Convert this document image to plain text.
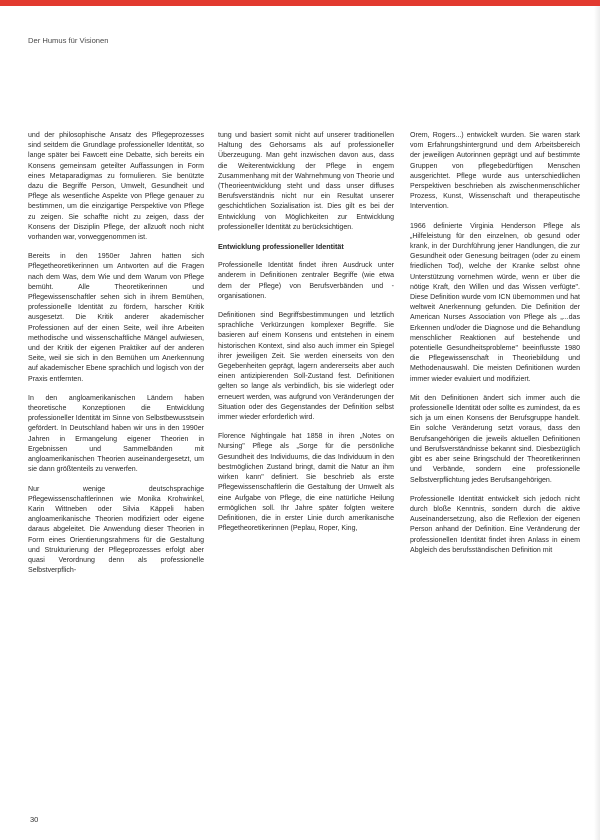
Der Humus für Visionen

und der philosophische Ansatz des Pflegeprozesses sind seitdem die Grundlage professioneller Identität, so lange später bei Fawcett eine Debatte, sich bereits ein Konsens gemeinsam geteilter Auffassungen in Form eines Metaparadigmas zu formulieren. Sie benützte dazu die Begriffe Person, Umwelt, Gesundheit und Pflege als wesentliche Aspekte von Pflege genauer zu bestimmen, um die einzigartige Perspektive von Pflege zu zeigen. Sie schaffte nicht zu zeigen, dass der Konsens der Disziplin Pflege, der allzuoft noch nicht vorhanden war, vorweggenommen ist.

Bereits in den 1950er Jahren hatten sich Pflegetheoretikerinnen um Antworten auf die Fragen nach dem Was, dem Wie und dem Warum von Pflege bemüht. Alle Theoretikerinnen und Pflegewissenschaftler sehen sich in ihrem Bemühen, professionelle Identität zu fördern, harscher Kritik ausgesetzt. Die Kritik anderer akademischer Professionen auf der einen Seite, weil ihre Arbeiten methodische und wissenschaftliche Mängel aufwiesen, und der Kritik der eigenen Praktiker auf der anderen Seite, weil sie sich in den Bemühen um Anerkennung auf akademischer Ebene sprachlich und logisch von der Praxis entfernten.

In den angloamerikanischen Ländern haben theoretische Konzeptionen die Entwicklung professioneller Identität im Sinne von Selbstbewusstsein gefördert. In Deutschland haben wir uns in den 1990er Jahren in Ermangelung eigener Theorien in Ergebnissen und Sammelbänden mit angloamerikanischen Theorien auseinandergesetzt, um sie dann größtenteils zu verwerfen.

Nur wenige deutschsprachige Pflegewissenschaftlerinnen wie Monika Krohwinkel, Karin Wittneben oder Silvia Käppeli haben angloamerikanische Theorien modifiziert oder eigene daraus abgeleitet. Die Anwendung dieser Theorien in Form eines Orientierungsrahmens für die Gestaltung und Strukturierung der Pflegeprozesses erfolgt aber quasi Verordnung denn als professionelle Selbstverpflich-

tung und basiert somit nicht auf unserer traditionellen Haltung des Gehorsams als auf professioneller Überzeugung. Man geht inzwischen davon aus, dass die Weiterentwicklung der Pflege in engem Zusammenhang mit der Wahrnehmung von Theorie und (Theorieentwicklung steht und dass unser diffuses Berufsverständnis nicht nur ein Resultat unserer geschichtlichen Sozialisation ist. Dies gilt es bei der Entwicklung von Möglichkeiten zur Entwicklung professioneller Identität zu berücksichtigen.

Entwicklung professioneller Identität

Professionelle Identität findet ihren Ausdruck unter anderem in Definitionen zentraler Begriffe (wie etwa dem der Pflege) von Berufsverbänden und -organisationen.

Definitionen sind Begriffsbestimmungen und letztlich sprachliche Verkürzungen komplexer Begriffe. Sie basieren auf einem Konsens und entstehen in einem historischen Kontext, sind also auch immer ein Spiegel ihrer jeweiligen Zeit. Sie werden einerseits von den Gegebenheiten geprägt, lagern andererseits aber auch einen antizipierenden Soll-Zustand fest. Definitionen gelten so lange als verbindlich, bis sie widerlegt oder erneuert werden, was aufgrund von Veränderungen der Situation oder des Gegenstandes der Definition selbst immer wieder erforderlich wird.

Florence Nightingale hat 1858 in ihren „Notes on Nursing" Pflege als „Sorge für die persönliche Gesundheit des Individuums, die das Individuum in den bestmöglichen Zustand bringt, damit die Natur an ihm wirken kann" definiert. Sie beschrieb als erste Pflegewissenschaftlerin die Gestaltung der Umwelt als eine Aufgabe von Pflege, die eine natürliche Heilung ermöglichen soll. Ihr Jahre später folgten weitere Definitionen, die in erster Linie durch amerikanische Pflegetheoretikerinnen (Peplau, Roper, King,

Orem, Rogers...) entwickelt wurden. Sie waren stark vom Erfahrungshintergrund und dem Arbeitsbereich der jeweiligen Autorinnen geprägt und auf bestimmte Gruppen von pflegebedürftigen Menschen ausgerichtet. Pflege wurde aus unterschiedlichen Perspektiven beschrieben als zwischenmenschlicher Prozess, Kunst, Wissenschaft und therapeutische Intervention.

1966 definierte Virginia Henderson Pflege als „Hilfeleistung für den einzelnen, ob gesund oder krank, in der Durchführung jener Handlungen, die zur Gesundheit oder Genesung beitragen (oder zu einem friedlichen Tod), welche der Kranke selbst ohne Unterstützung vornehmen würde, wenn er über die nötige Kraft, den Willen und das Wissen verfügte". Diese Definition wurde vom ICN übernommen und hat weltweit Anerkennung gefunden. Die Definition der American Nurses Association von Pflege als „...das Erkennen und/oder die Diagnose und die Behandlung menschlicher Reaktionen auf bestehende und potentielle Gesundheitsprobleme" beeinflusste 1980 die Pflegewissenschaft in Theoriebildung und Methodenauswahl. Die meisten Definitionen wurden immer wieder evaluiert und modifiziert.

Mit den Definitionen ändert sich immer auch die professionelle Identität oder sollte es zumindest, da es sich ja um einen Konsens der Berufsgruppe handelt. Ein solche Veränderung setzt voraus, dass den Berufsangehörigen die jeweils aktuellen Definitionen und Berufsverständnisse bekannt sind. Diesbezüglich gibt es aber seine Bringschuld der Theoretikerinnen und Verbände, sondern eine professionelle Selbstverpflichtung jedes Berufsangehörigen.

Professionelle Identität entwickelt sich jedoch nicht durch bloße Kenntnis, sondern durch die aktive Auseinandersetzung, also die Reflexion der eigenen Person anhand der Definition. Eine Veränderung der professionellen Identität findet ihren Anlass in einem Abgleich des berufsständischen Definition mit

30
